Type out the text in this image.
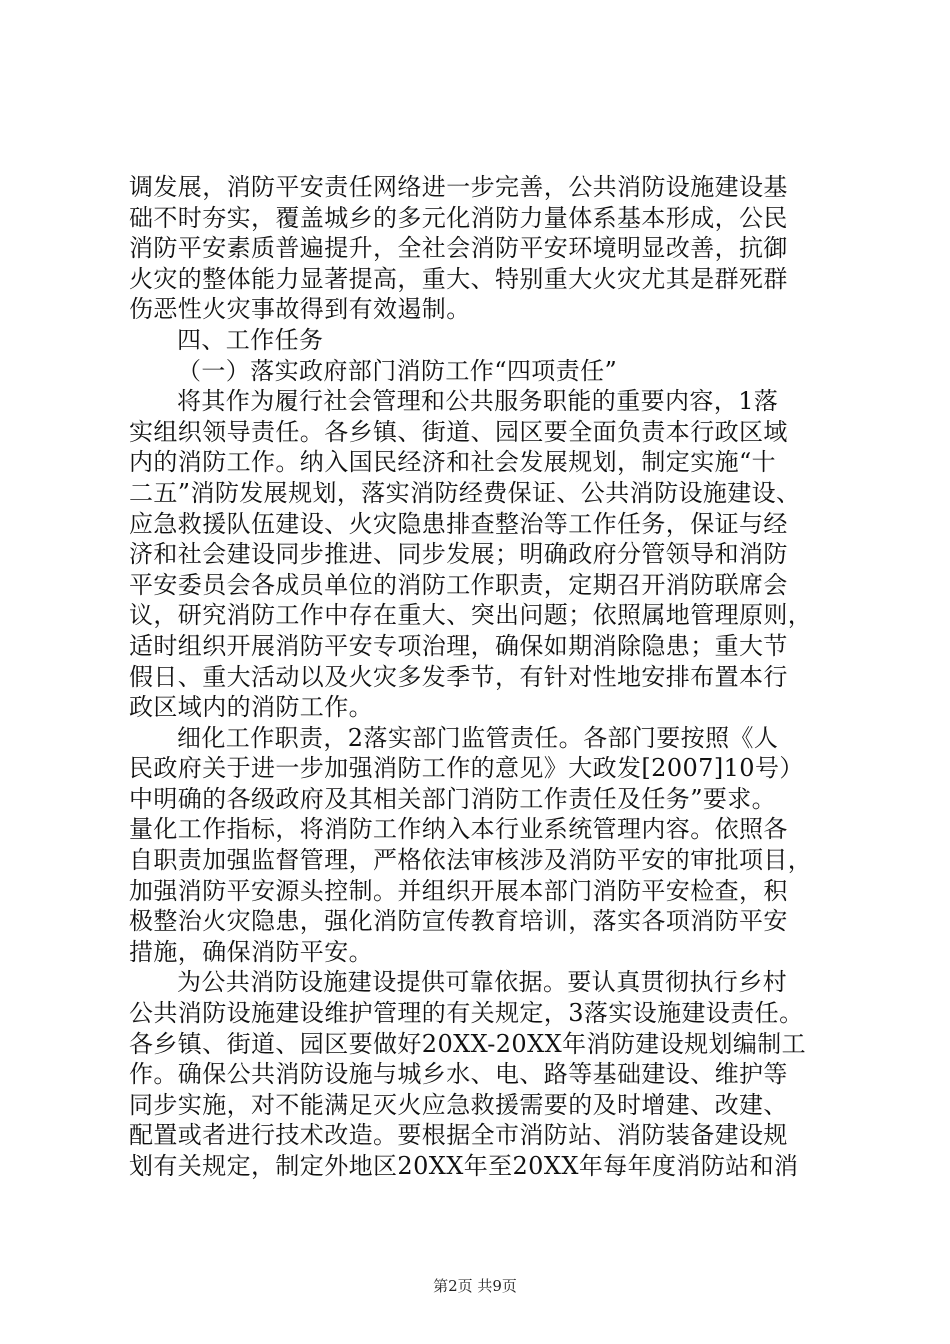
调发展，消防平安责任网络进一步完善，公共消防设施建设基
础不时夯实，覆盖城乡的多元化消防力量体系基本形成，公民
消防平安素质普遍提升，全社会消防平安环境明显改善，抗御
火灾的整体能力显著提高，重大、特别重大火灾尤其是群死群
伤恶性火灾事故得到有效遏制。
四、工作任务
（一）落实政府部门消防工作“四项责任”
将其作为履行社会管理和公共服务职能的重要内容，1落
实组织领导责任。各乡镇、街道、园区要全面负责本行政区域
内的消防工作。纳入国民经济和社会发展规划，制定实施“十
二五”消防发展规划，落实消防经费保证、公共消防设施建设、
应急救援队伍建设、火灾隐患排查整治等工作任务，保证与经
济和社会建设同步推进、同步发展；明确政府分管领导和消防
平安委员会各成员单位的消防工作职责，定期召开消防联席会
议，研究消防工作中存在重大、突出问题；依照属地管理原则，
适时组织开展消防平安专项治理，确保如期消除隐患；重大节
假日、重大活动以及火灾多发季节，有针对性地安排布置本行
政区域内的消防工作。
细化工作职责，2落实部门监管责任。各部门要按照《人
民政府关于进一步加强消防工作的意见》大政发[2007]10号）
中明确的各级政府及其相关部门消防工作责任及任务”要求。
量化工作指标，将消防工作纳入本行业系统管理内容。依照各
自职责加强监督管理，严格依法审核涉及消防平安的审批项目，
加强消防平安源头控制。并组织开展本部门消防平安检查，积
极整治火灾隐患，强化消防宣传教育培训，落实各项消防平安
措施，确保消防平安。
为公共消防设施建设提供可靠依据。要认真贯彻执行乡村
公共消防设施建设维护管理的有关规定，3落实设施建设责任。
各乡镇、街道、园区要做好20XX-20XX年消防建设规划编制工
作。确保公共消防设施与城乡水、电、路等基础建设、维护等
同步实施，对不能满足灭火应急救援需要的及时增建、改建、
配置或者进行技术改造。要根据全市消防站、消防装备建设规
划有关规定，制定外地区20XX年至20XX年每年度消防站和消
第2页 共9页
